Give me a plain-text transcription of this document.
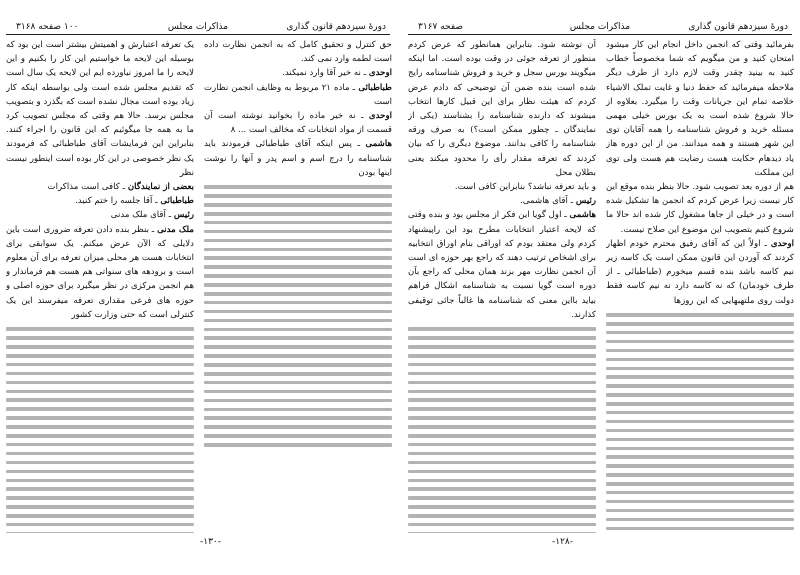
دورهٔ سیزدهم قانون گذاری
مذاکرات مجلس
۱۰۰ صفحه ۳۱۶۸

حق کنترل و تحقیق کامل که به انجمن نظارت داده است لطمه وارد نمی کند.

اوحدی ـ نه خیر آقا وارد نمیکند.

طباطبائی ـ ماده ۲۱ مربوط به وظایف انجمن نظارت است

اوحدی ـ نه خیر ماده را بخوانید نوشته است آن قسمت از مواد انتخابات که مخالف است ... ۸

هاشمی ـ پس اینکه آقای طباطبائی فرمودند باید شناسنامه را درج اسم و اسم پدر و آنها را نوشت اینها بودن

یک تعرفه اعتبارش و اهمیتش بیشتر است این بود که بوسیله این لایحه ما خواستیم این کار را بکنیم و این لایحه را ما امروز نیاورده ایم این لایحه یک سال است که تقدیم مجلس شده است ولی بواسطه اینکه کار زیاد بوده است مجال نشده است که بگذرد و بتصویب مجلس برسد. حالا هم وقتی که مجلس تصویب کرد ما به همه جا میگوئیم که این قانون را اجراء کنند. بنابراین این فرمایشات آقای طباطبائی که فرمودند یک نظر خصوصی در این کار بوده است اینطور نیست نظر

بعضی از نمایندگان ـ کافی است مذاکرات

طباطبائی ـ آقا جلسه را ختم کنید.

رئیس ـ آقای ملک مدنی

ملک مدنی ـ بنظر بنده دادن تعرفه ضروری است باین دلایلی که الآن عرض میکنم. یک سوابقی برای انتخابات هست هر محلی میزان تعرفه برای آن معلوم است و برودهه های سنواتی هم هست هم فرماندار و هم انجمن مرکزی در نظر میگیرد برای حوزه اصلی و حوزه های فرعی مقداری تعرفه میفرستد این یک کنترلی است که حتی وزارت کشور

-۱۳۰-
دورهٔ سیزدهم قانون گذاری
مذاکرات مجلس
صفحه ۳۱۶۷

بفرمائید وقتی که انجمن داخل انجام این کار میشود امتحان کنید و من میگویم که شما مخصوصاً خطاب کنید به بینید چقدر وقت لازم دارد از طرف دیگر ملاحظه میفرمائید که حفظ دنیا و غایت تملک الاشیاء خلاصه تمام این جریانات وقت را میگیرد. بعلاوه از حالا شروع شده است به یک بورس خیلی مهمی مسئله خرید و فروش شناسنامه را همه آقایان توی این شهر هستند و همه میدانند. من از این دوره هاز یاد دیدهام حکایت هست رضایت هم هست ولی توی این مملکت

هم از دوره بعد تصویب شود. حالا بنظر بنده موقع این کار نیست زیرا عرض کردم که انجمن ها تشکیل شده است و در خیلی از جاها مشغول کار شده اند حالا ما شروع کنیم بتصویب این موضوع این صلاح نیست.

اوحدی ـ اولاً این که آقای رفیق محترم خودم اظهار کردند که آوردن این قانون ممکن است یک کاسه زیر نیم کاسه باشد بنده قسم میخورم (طباطبائی ـ از طرف خودمان) که نه کاسه دارد نه نیم کاسه فقط دولت روی ملتهبهایی که این روزها

آن نوشته شود. بنابراین همانطور که عرض کردم منظور از تعرفه جوئی در وقت بوده است. اما اینکه میگویند بورس سجل و خرید و فروش شناسنامه رایج شده است بنده ضمن آن توضیحی که دادم عرض کردم که هیئت نظار برای این قبیل کارها انتخاب میشوند که دارنده شناسنامه را بشناسند (یکی از نمایندگان ـ چطور ممکن است؟) به صرف ورقه شناسنامه را کافی بدانند. موضوع دیگری را که بیان کردند که تعرفه مقدار رأی را محدود میکند یعنی بطلان محل

و باید تعرفه نباشد؟ بنابراین کافی است.

رئیس ـ آقای هاشمی.

هاشمی ـ اول گویا این فکر از مجلس بود و بنده وقتی که لایحه اعتبار انتخابات مطرح بود این راپیشنهاد کردم ولی معتقد بودم که اوراقی بنام اوراق انتخابیه برای اشخاص ترتیب دهند که راجع بهر حوزه ای است آن انجمن نظارت مهر بزند همان محلی که راجع بآن دوره است گویا نسبت به شناسنامه اشکال فراهم بیاید بااین معنی که شناسنامه ها غالباً جائی توقیفی کذارند.

-۱۲۸-
